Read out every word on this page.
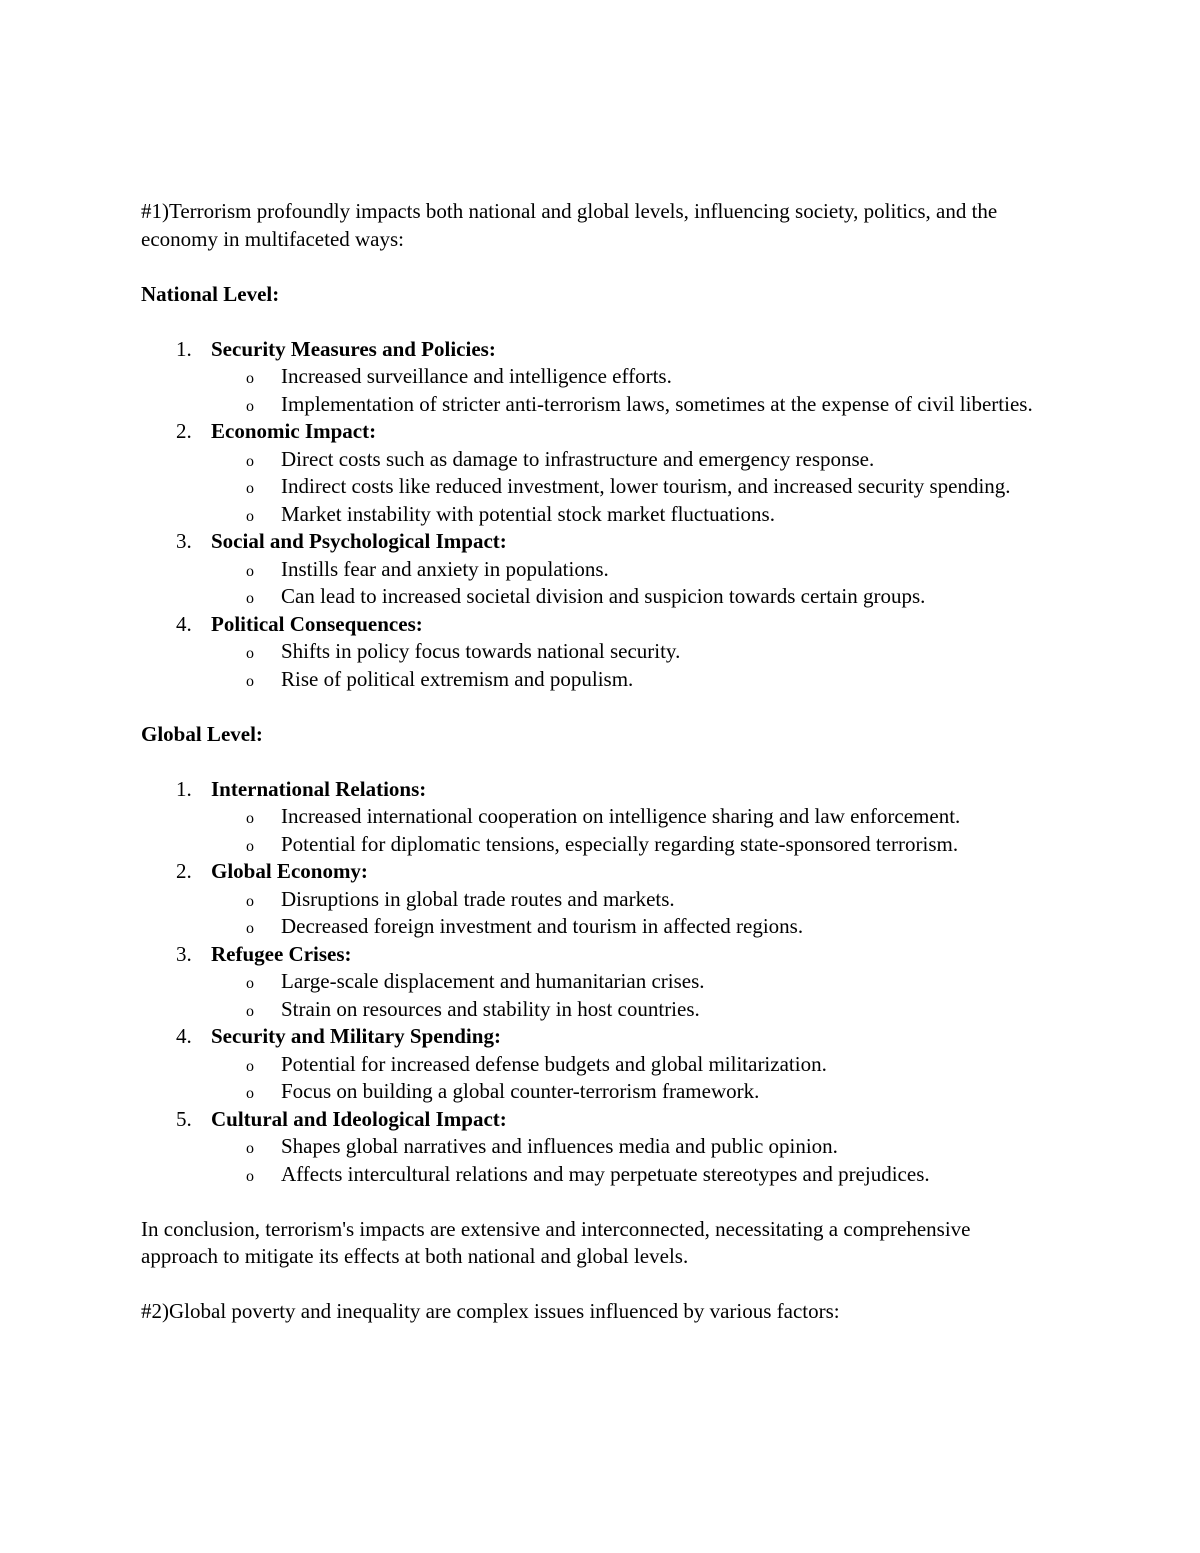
#1)Terrorism profoundly impacts both national and global levels, influencing society, politics, and the economy in multifaceted ways:

National Level:

1. Security Measures and Policies:
o Increased surveillance and intelligence efforts.
o Implementation of stricter anti-terrorism laws, sometimes at the expense of civil liberties.
2. Economic Impact:
o Direct costs such as damage to infrastructure and emergency response.
o Indirect costs like reduced investment, lower tourism, and increased security spending.
o Market instability with potential stock market fluctuations.
3. Social and Psychological Impact:
o Instills fear and anxiety in populations.
o Can lead to increased societal division and suspicion towards certain groups.
4. Political Consequences:
o Shifts in policy focus towards national security.
o Rise of political extremism and populism.

Global Level:

1. International Relations:
o Increased international cooperation on intelligence sharing and law enforcement.
o Potential for diplomatic tensions, especially regarding state-sponsored terrorism.
2. Global Economy:
o Disruptions in global trade routes and markets.
o Decreased foreign investment and tourism in affected regions.
3. Refugee Crises:
o Large-scale displacement and humanitarian crises.
o Strain on resources and stability in host countries.
4. Security and Military Spending:
o Potential for increased defense budgets and global militarization.
o Focus on building a global counter-terrorism framework.
5. Cultural and Ideological Impact:
o Shapes global narratives and influences media and public opinion.
o Affects intercultural relations and may perpetuate stereotypes and prejudices.

In conclusion, terrorism's impacts are extensive and interconnected, necessitating a comprehensive approach to mitigate its effects at both national and global levels.

#2)Global poverty and inequality are complex issues influenced by various factors:
